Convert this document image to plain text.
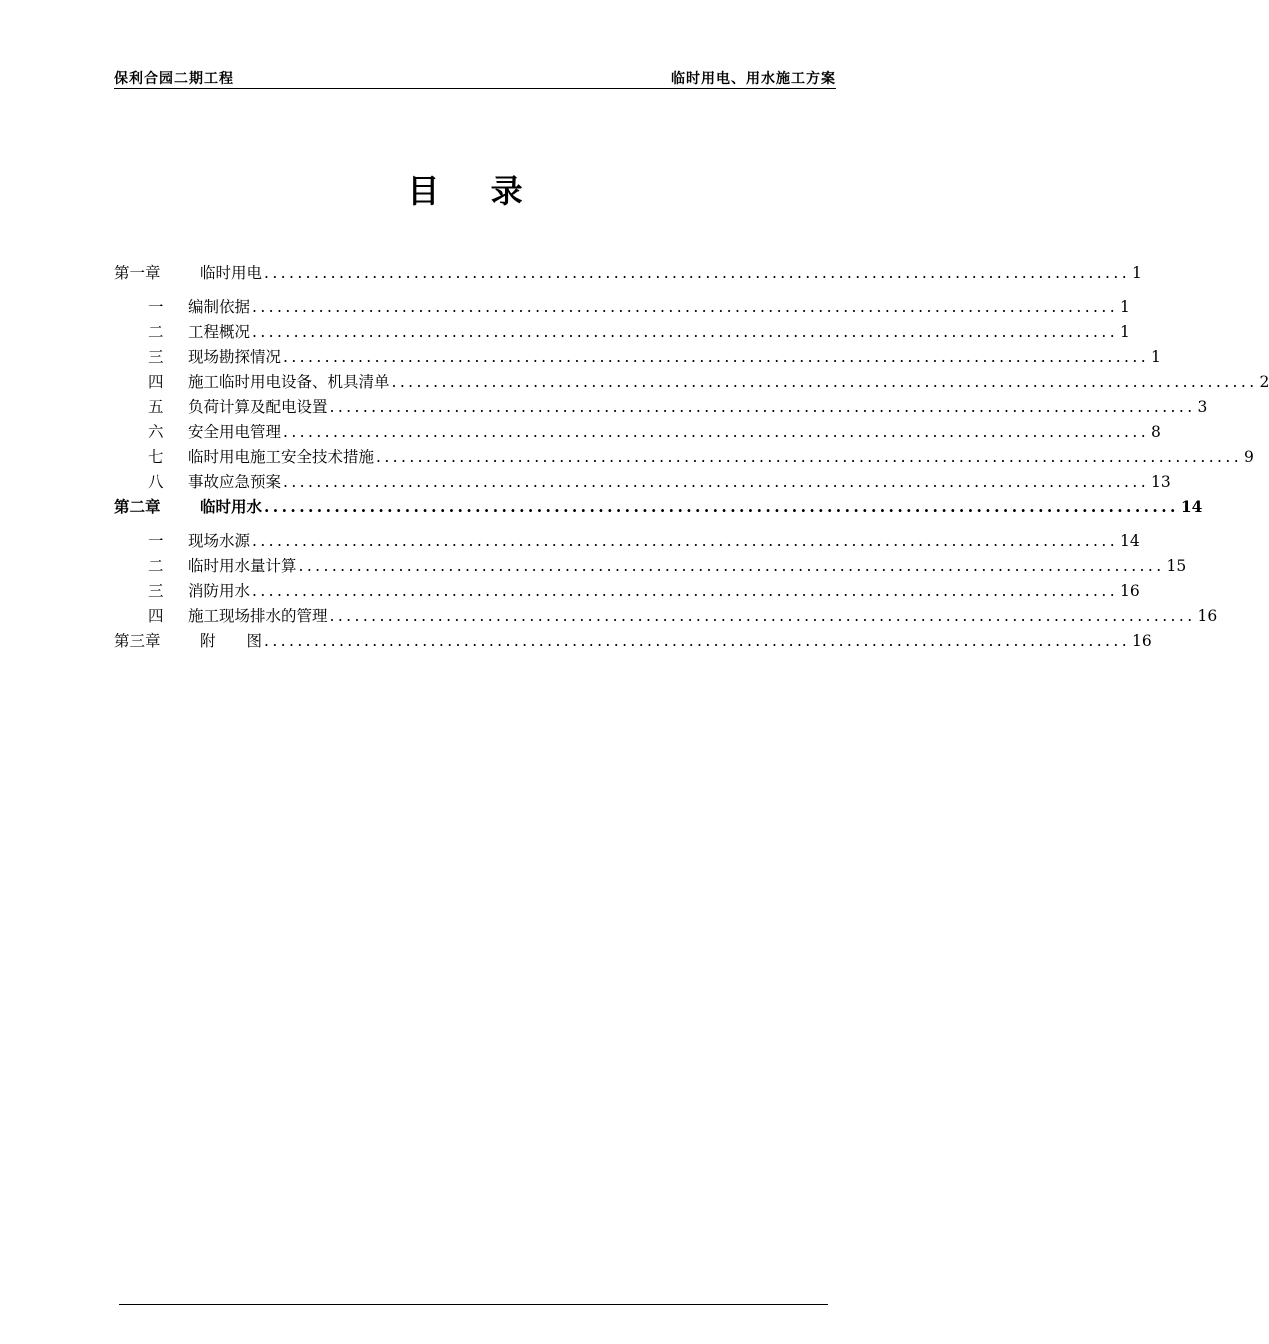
保利合园二期工程	临时用电、用水施工方案
目 录
第一章	临时用电 ........................................................................................................ 1
一	编制依据 ........................................................................................................ 1
二	工程概况 ........................................................................................................ 1
三	现场勘探情况 ........................................................................................................ 1
四	施工临时用电设备、机具清单 ........................................................................................................ 2
五	负荷计算及配电设置 ........................................................................................................ 3
六	安全用电管理 ........................................................................................................ 8
七	临时用电施工安全技术措施 ........................................................................................................ 9
八	事故应急预案 ........................................................................................................ 13
第二章	临时用水 ........................................................................................................ 14
一	现场水源 ........................................................................................................ 14
二	临时用水量计算 ........................................................................................................ 15
三	消防用水 ........................................................................................................ 16
四	施工现场排水的管理 ........................................................................................................ 16
第三章	附　　图 ........................................................................................................ 16
